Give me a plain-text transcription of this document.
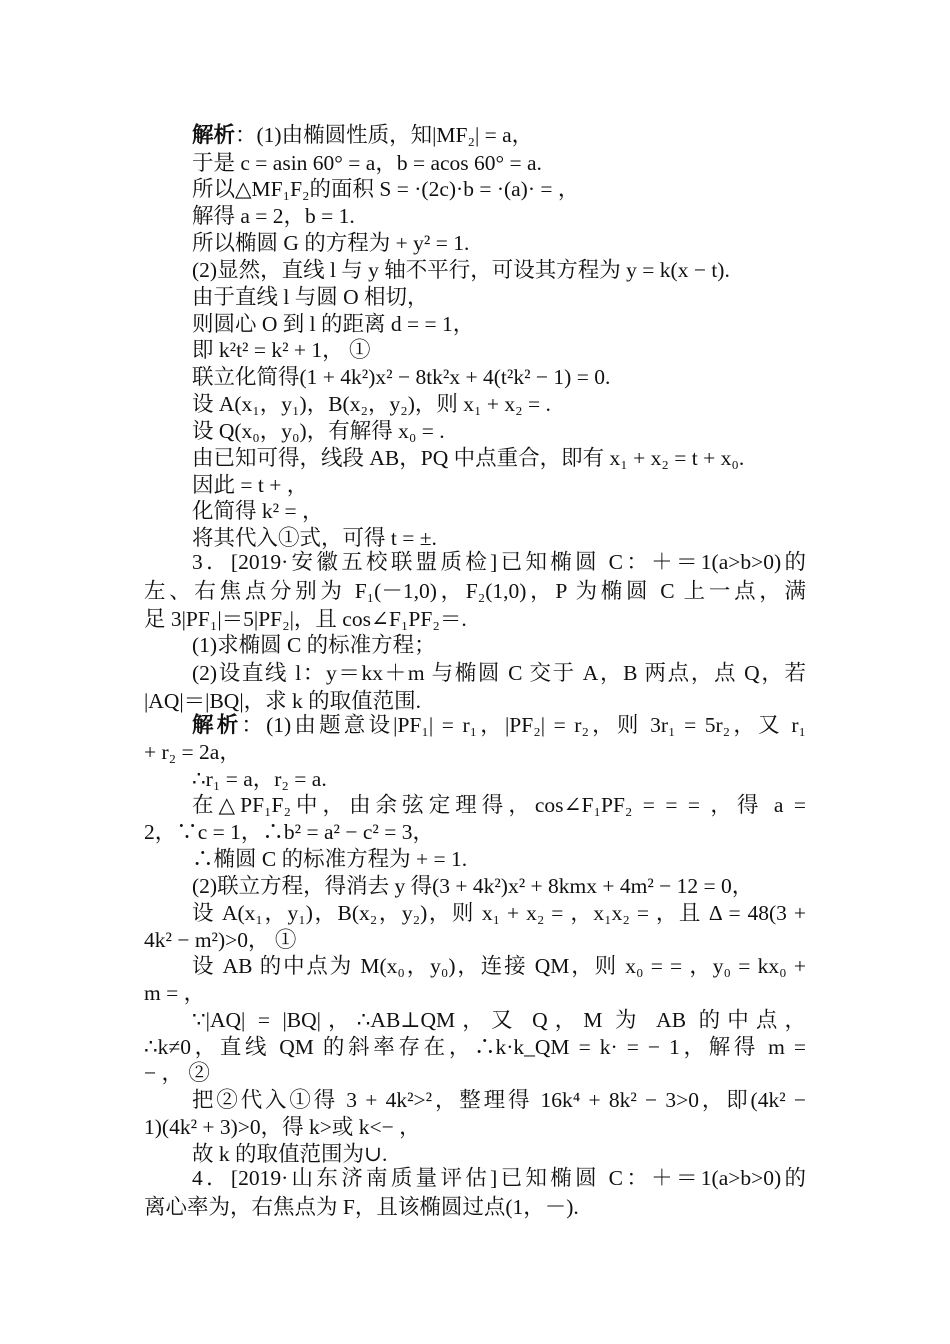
解析：(1)由椭圆性质，知|MF₂| = a，
于是 c = asin 60° = a，b = acos 60° = a.
所以△MF₁F₂的面积 S = ·(2c)·b = ·(a)· = ，
解得 a = 2，b = 1.
所以椭圆 G 的方程为 + y² = 1.
(2)显然，直线 l 与 y 轴不平行，可设其方程为 y = k(x − t).
由于直线 l 与圆 O 相切，
则圆心 O 到 l 的距离 d = = 1，
即 k²t² = k² + 1， ①
联立化简得(1 + 4k²)x² − 8tk²x + 4(t²k² − 1) = 0.
设 A(x₁，y₁)，B(x₂，y₂)，则 x₁ + x₂ = .
设 Q(x₀，y₀)，有解得 x₀ = .
由已知可得，线段 AB，PQ 中点重合，即有 x₁ + x₂ = t + x₀.
因此 = t + ，
化简得 k² = ，
将其代入①式，可得 t = ±.
3．[2019·安徽五校联盟质检]已知椭圆 C：＋＝1(a>b>0)的
左、右焦点分别为 F₁(－1,0)，F₂(1,0)，P 为椭圆 C 上一点，满
足 3|PF₁|＝5|PF₂|，且 cos∠F₁PF₂＝.
(1)求椭圆 C 的标准方程；
(2)设直线 l：y＝kx＋m 与椭圆 C 交于 A，B 两点，点 Q，若
|AQ|＝|BQ|，求 k 的取值范围.
解析：(1)由题意设|PF₁| = r₁，|PF₂| = r₂，则 3r₁ = 5r₂，又 r₁
+ r₂ = 2a，
∴r₁ = a，r₂ = a.
在△PF₁F₂中，由余弦定理得，cos∠F₁PF₂ = = = ，得 a =
2，∵c = 1，∴b² = a² − c² = 3，
∴椭圆 C 的标准方程为 + = 1.
(2)联立方程，得消去 y 得(3 + 4k²)x² + 8kmx + 4m² − 12 = 0，
设 A(x₁，y₁)，B(x₂，y₂)，则 x₁ + x₂ = ，x₁x₂ = ，且 Δ = 48(3 +
4k² − m²)>0， ①
设 AB 的中点为 M(x₀，y₀)，连接 QM，则 x₀ = = ，y₀ = kx₀ +
m = ，
∵|AQ| = |BQ|，∴AB⊥QM，又 Q，M 为 AB 的中点，
∴k≠0，直线 QM 的斜率存在，∴k·k_QM = k· = − 1，解得 m =
− ， ②
把②代入①得 3 + 4k²>²，整理得 16k⁴ + 8k² − 3>0，即(4k² −
1)(4k² + 3)>0，得 k>或 k<− ，
故 k 的取值范围为∪.
4．[2019·山东济南质量评估]已知椭圆 C：＋＝1(a>b>0)的
离心率为，右焦点为 F，且该椭圆过点(1，－).
